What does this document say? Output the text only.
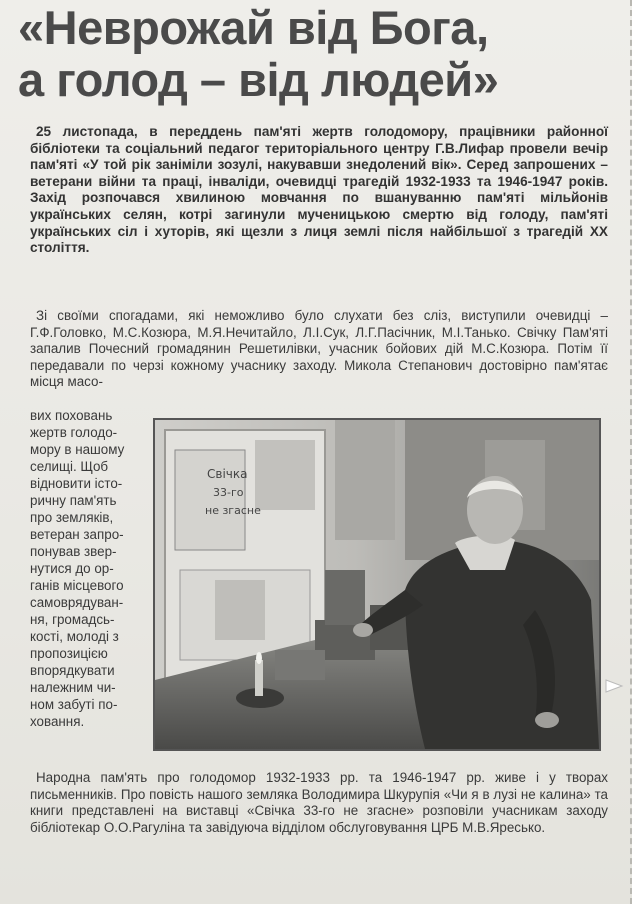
«Неврожай від Бога,
а голод – від людей»

25 листопада, в переддень пам'яті жертв голодомору, працівники районної бібліотеки та соціальний педагог територіального центру Г.В.Лифар провели вечір пам'яті «У той рік заніміли зозулі, накувавши знедолений вік». Серед запрошених – ветерани війни та праці, інваліди, очевидці трагедій 1932-1933 та 1946-1947 років. Захід розпочався хвилиною мовчання по вшануванню пам'яті мільйонів українських селян, котрі загинули мученицькою смертю від голоду, пам'яті українських сіл і хуторів, які щезли з лиця землі після найбільшої з трагедій XX століття.

Зі своїми спогадами, які неможливо було слухати без сліз, виступили очевидці – Г.Ф.Головко, М.С.Козюра, М.Я.Нечитайло, Л.І.Сук, Л.Г.Пасічник, М.І.Танько. Свічку Пам'яті запалив Почесний громадянин Решетилівки, учасник бойових дій М.С.Козюра. Потім її передавали по черзі кожному учаснику заходу. Микола Степанович достовірно пам'ятає місця масо-

вих поховань
жертв голодо-
мору в нашому
селищі. Щоб
відновити істо-
ричну пам'ять
про земляків,
ветеран запро-
понував звер-
нутися до ор-
ганів місцевого
самоврядуван-
ня, громадсь-
кості, молоді з
пропозицією
впорядкувати
належним чи-
ном забуті по-
ховання.

Свічка
33-го
не згасне

Народна пам'ять про голодомор 1932-1933 рр. та 1946-1947 рр. живе і у творах письменників. Про повість нашого земляка Володимира Шкурупія «Чи я в лузі не калина» та книги представлені на виставці «Свічка 33-го не згасне» розповіли учасникам заходу бібліотекар О.О.Рагуліна та завідуюча відділом обслуговування ЦРБ М.В.Яресько.
